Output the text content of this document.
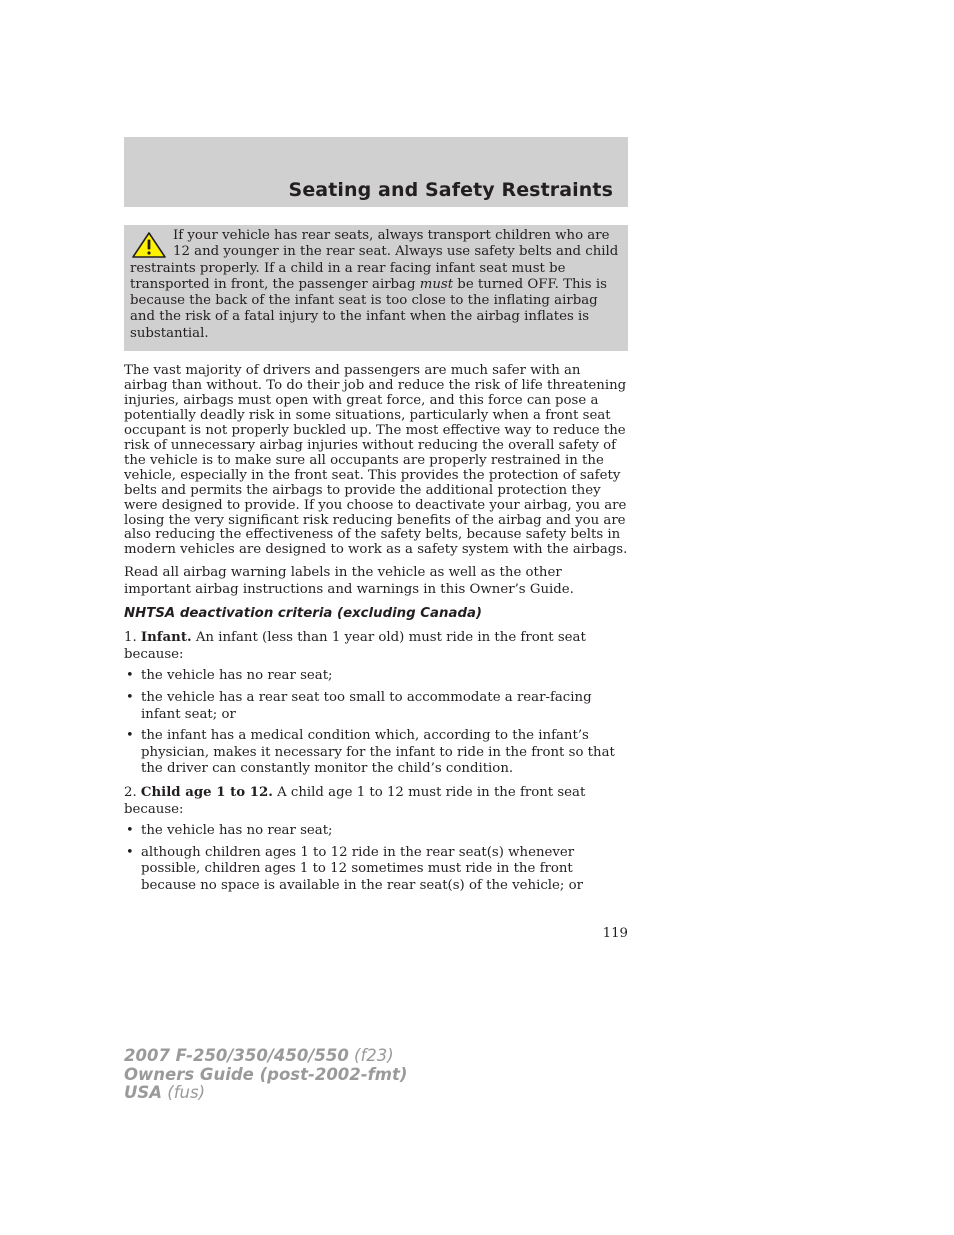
Seating and Safety Restraints

If your vehicle has rear seats, always transport children who are 12 and younger in the rear seat. Always use safety belts and child restraints properly. If a child in a rear facing infant seat must be transported in front, the passenger airbag must be turned OFF. This is because the back of the infant seat is too close to the inflating airbag and the risk of a fatal injury to the infant when the airbag inflates is substantial.

The vast majority of drivers and passengers are much safer with an airbag than without. To do their job and reduce the risk of life threatening injuries, airbags must open with great force, and this force can pose a potentially deadly risk in some situations, particularly when a front seat occupant is not properly buckled up. The most effective way to reduce the risk of unnecessary airbag injuries without reducing the overall safety of the vehicle is to make sure all occupants are properly restrained in the vehicle, especially in the front seat. This provides the protection of safety belts and permits the airbags to provide the additional protection they were designed to provide. If you choose to deactivate your airbag, you are losing the very significant risk reducing benefits of the airbag and you are also reducing the effectiveness of the safety belts, because safety belts in modern vehicles are designed to work as a safety system with the airbags.

Read all airbag warning labels in the vehicle as well as the other important airbag instructions and warnings in this Owner’s Guide.

NHTSA deactivation criteria (excluding Canada)

1. Infant. An infant (less than 1 year old) must ride in the front seat because:

• the vehicle has no rear seat;
• the vehicle has a rear seat too small to accommodate a rear-facing infant seat; or
• the infant has a medical condition which, according to the infant’s physician, makes it necessary for the infant to ride in the front so that the driver can constantly monitor the child’s condition.

2. Child age 1 to 12. A child age 1 to 12 must ride in the front seat because:

• the vehicle has no rear seat;
• although children ages 1 to 12 ride in the rear seat(s) whenever possible, children ages 1 to 12 sometimes must ride in the front because no space is available in the rear seat(s) of the vehicle; or
119
2007 F-250/350/450/550 (f23)
Owners Guide (post-2002-fmt)
USA (fus)
